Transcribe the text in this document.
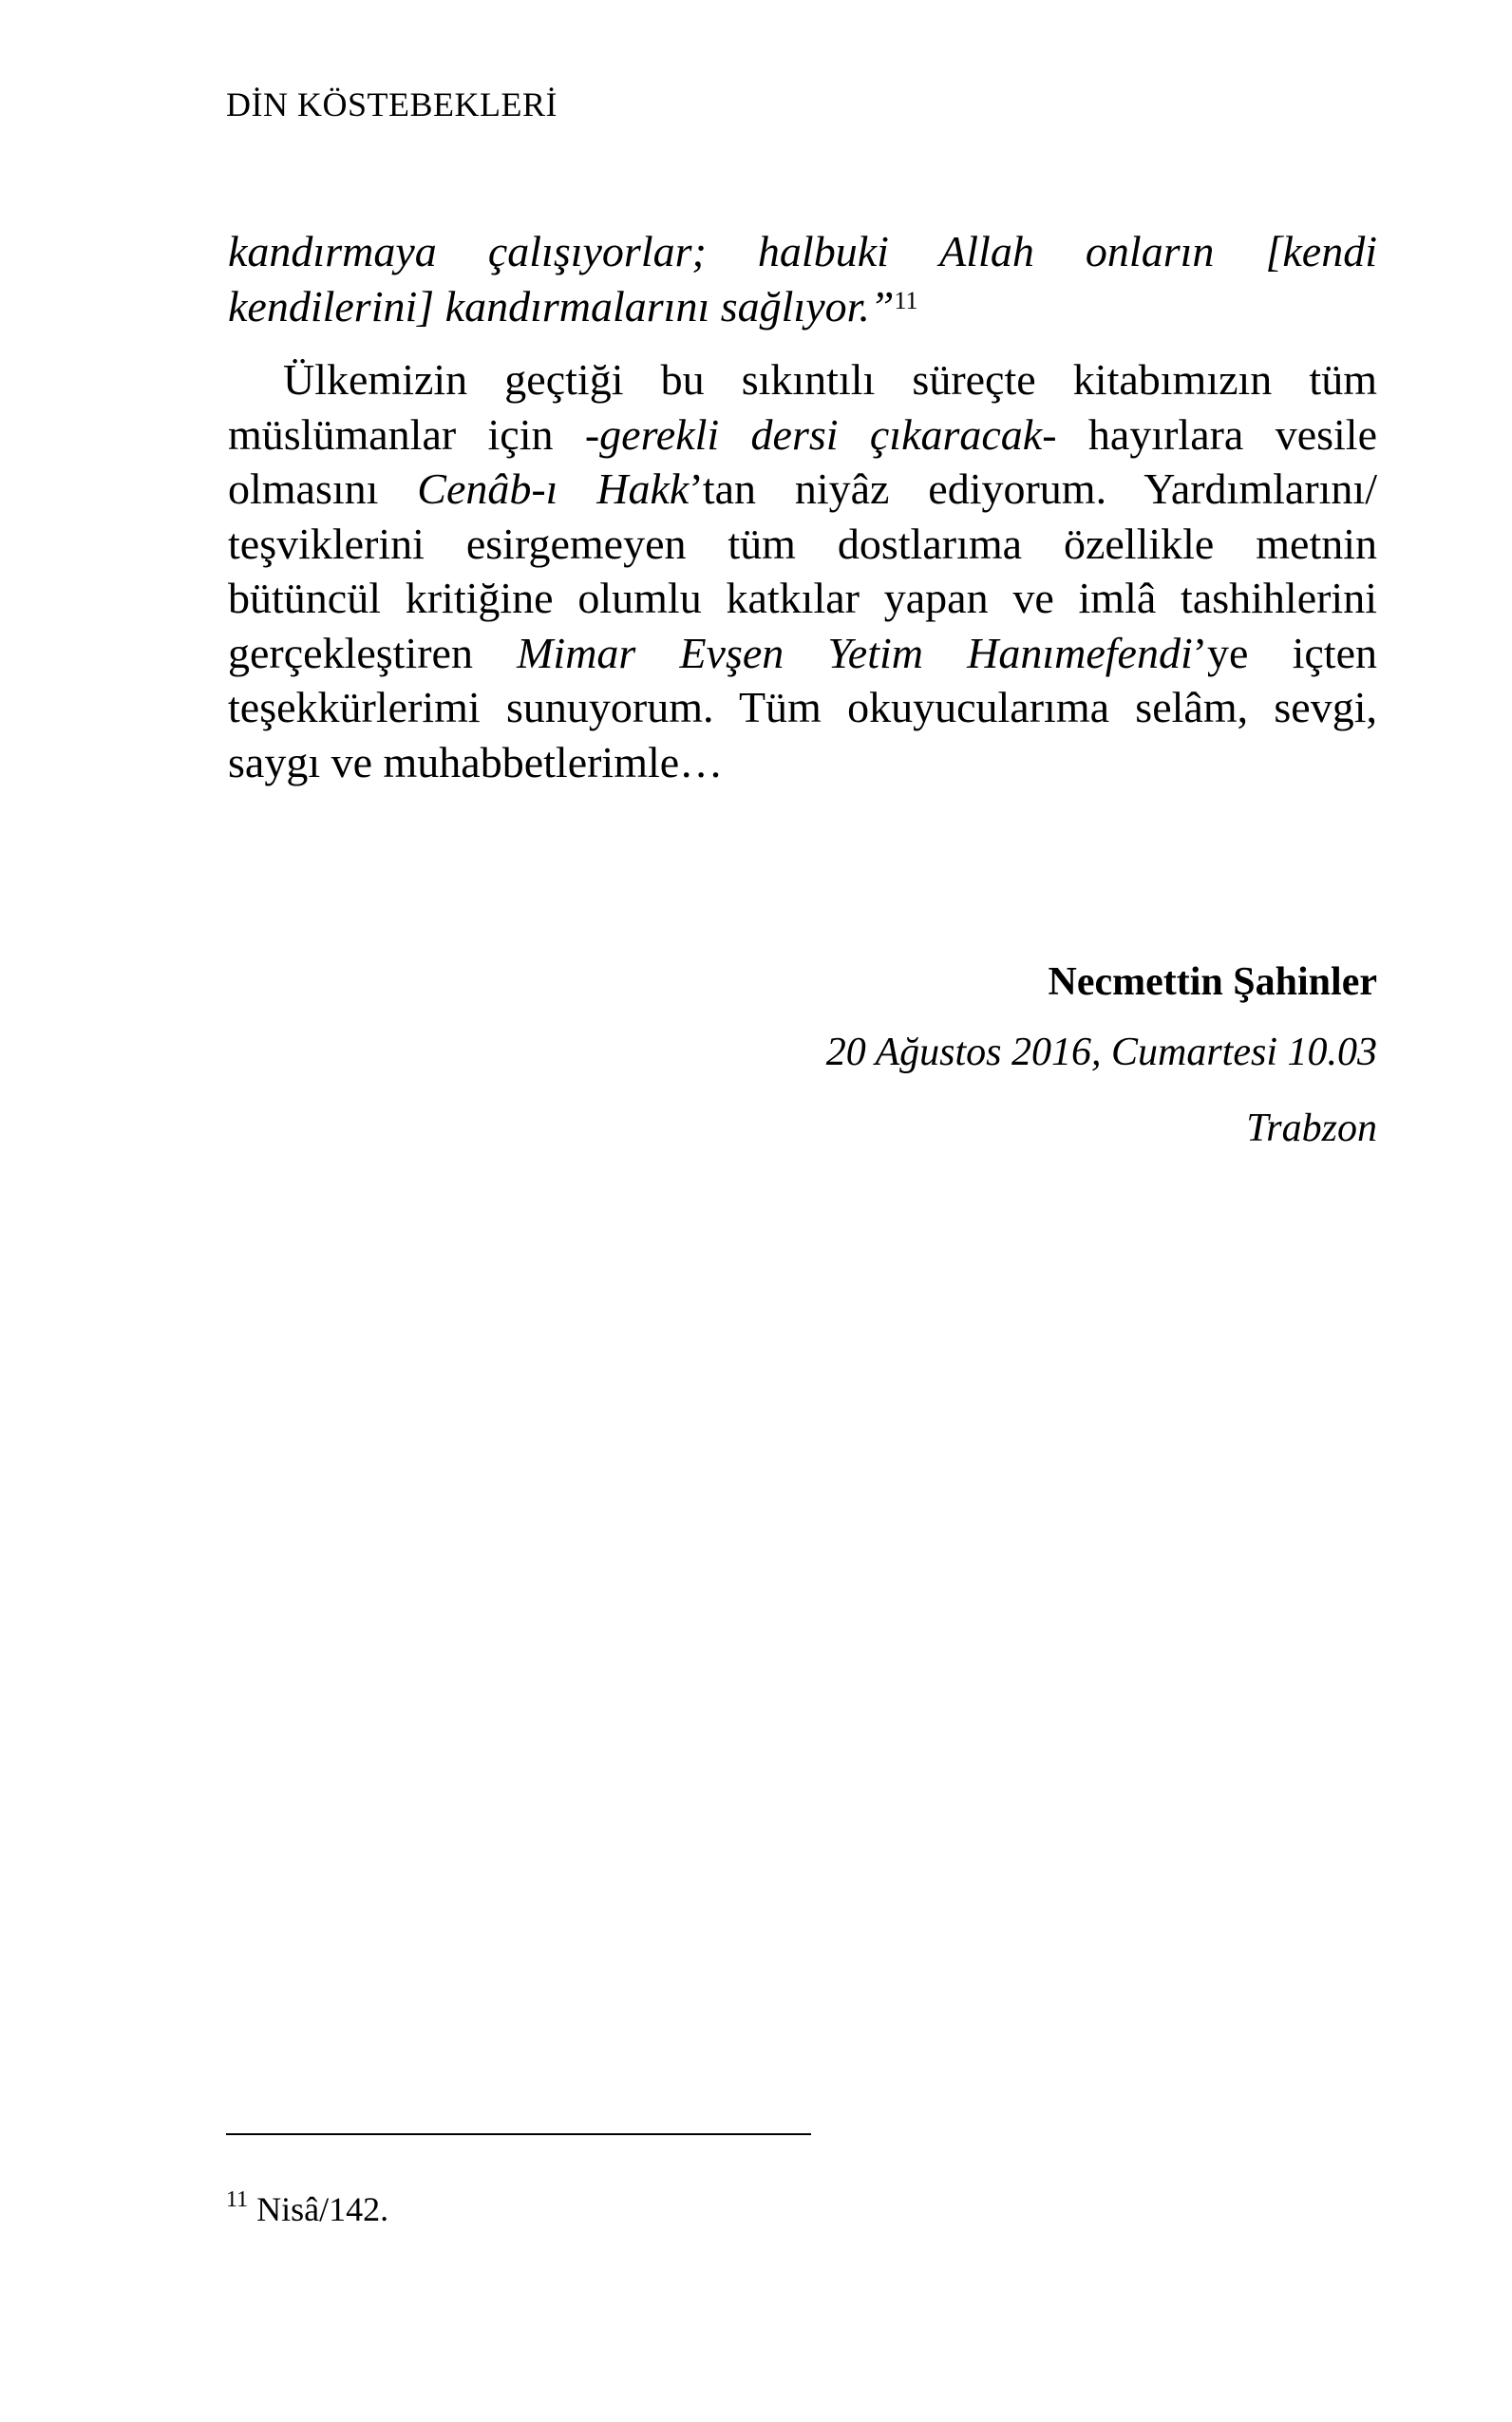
DİN KÖSTEBEKLERİ

kandırmaya çalışıyorlar; halbuki Allah onların [kendi kendilerini] kandırmalarını sağlıyor.”$^{11}$

Ülkemizin geçtiği bu sıkıntılı süreçte kitabımızın tüm müslümanlar için -gerekli dersi çıkaracak- hayırlara vesile olmasını Cenâb-ı Hakk’tan niyâz ediyorum. Yardımlarını/ teşviklerini esirgemeyen tüm dostlarıma özellikle metnin bütüncül kritiğine olumlu katkılar yapan ve imlâ tashihlerini gerçekleştiren Mimar Evşen Yetim Hanımefendi’ye içten teşekkürlerimi sunuyorum. Tüm okuyucularıma selâm, sevgi, saygı ve muhabbetlerimle…

Necmettin Şahinler
20 Ağustos 2016, Cumartesi 10.03
Trabzon
$^{11}$ Nisâ/142.
